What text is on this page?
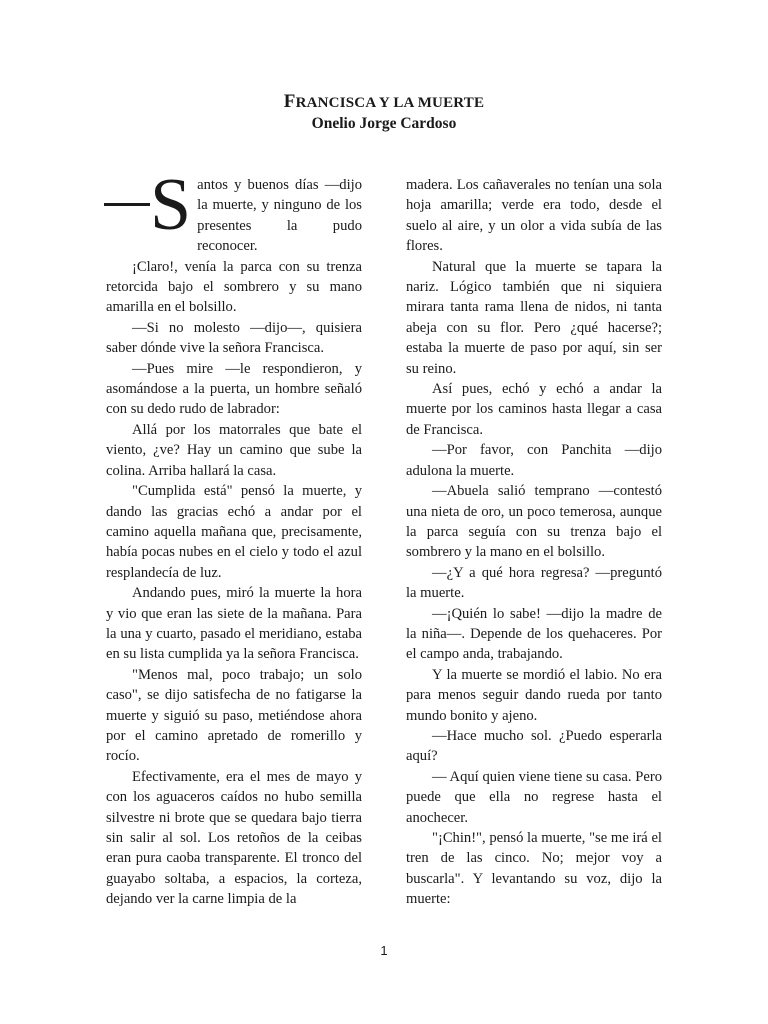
FRANCISCA Y LA MUERTE
Onelio Jorge Cardoso
S antos y buenos días —dijo la muerte, y ninguno de los presentes la pudo reconocer.

¡Claro!, venía la parca con su trenza retorcida bajo el sombrero y su mano amarilla en el bolsillo.

—Si no molesto —dijo—, quisiera saber dónde vive la señora Francisca.

—Pues mire —le respondieron, y asomándose a la puerta, un hombre señaló con su dedo rudo de labrador:

Allá por los matorrales que bate el viento, ¿ve? Hay un camino que sube la colina. Arriba hallará la casa.

"Cumplida está" pensó la muerte, y dando las gracias echó a andar por el camino aquella mañana que, precisamente, había pocas nubes en el cielo y todo el azul resplandecía de luz.

Andando pues, miró la muerte la hora y vio que eran las siete de la mañana. Para la una y cuarto, pasado el meridiano, estaba en su lista cumplida ya la señora Francisca.

"Menos mal, poco trabajo; un solo caso", se dijo satisfecha de no fatigarse la muerte y siguió su paso, metiéndose ahora por el camino apretado de romerillo y rocío.

Efectivamente, era el mes de mayo y con los aguaceros caídos no hubo semilla silvestre ni brote que se quedara bajo tierra sin salir al sol. Los retoños de la ceibas eran pura caoba transparente. El tronco del guayabo soltaba, a espacios, la corteza, dejando ver la carne limpia de la

madera. Los cañaverales no tenían una sola hoja amarilla; verde era todo, desde el suelo al aire, y un olor a vida subía de las flores.

Natural que la muerte se tapara la nariz. Lógico también que ni siquiera mirara tanta rama llena de nidos, ni tanta abeja con su flor. Pero ¿qué hacerse?; estaba la muerte de paso por aquí, sin ser su reino.

Así pues, echó y echó a andar la muerte por los caminos hasta llegar a casa de Francisca.

—Por favor, con Panchita —dijo adulona la muerte.

—Abuela salió temprano —contestó una nieta de oro, un poco temerosa, aunque la parca seguía con su trenza bajo el sombrero y la mano en el bolsillo.

—¿Y a qué hora regresa? —preguntó la muerte.

—¡Quién lo sabe! —dijo la madre de la niña—. Depende de los quehaceres. Por el campo anda, trabajando.

Y la muerte se mordió el labio. No era para menos seguir dando rueda por tanto mundo bonito y ajeno.

—Hace mucho sol. ¿Puedo esperarla aquí?

— Aquí quien viene tiene su casa. Pero puede que ella no regrese hasta el anochecer.

"¡Chin!", pensó la muerte, "se me irá el tren de las cinco. No; mejor voy a buscarla". Y levantando su voz, dijo la muerte:

1
